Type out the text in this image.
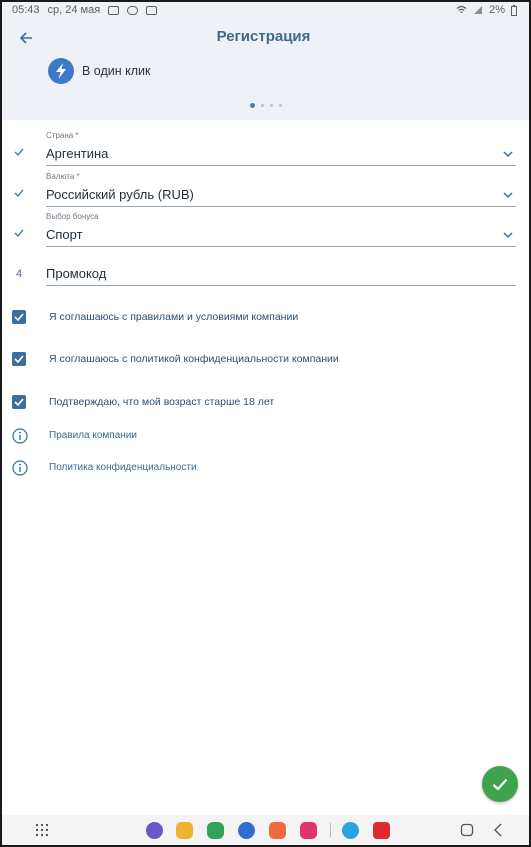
05:43 ср, 24 мая	2%
Регистрация
В один клик
Страна *
Аргентина
Валюта *
Российский рубль (RUB)
Выбор бонуса
Спорт
4	Промокод
Я соглашаюсь с правилами и условиями компании
Я соглашаюсь с политикой конфиденциальности компании
Подтверждаю, что мой возраст старше 18 лет
Правила компании
Политика конфиденциальности
